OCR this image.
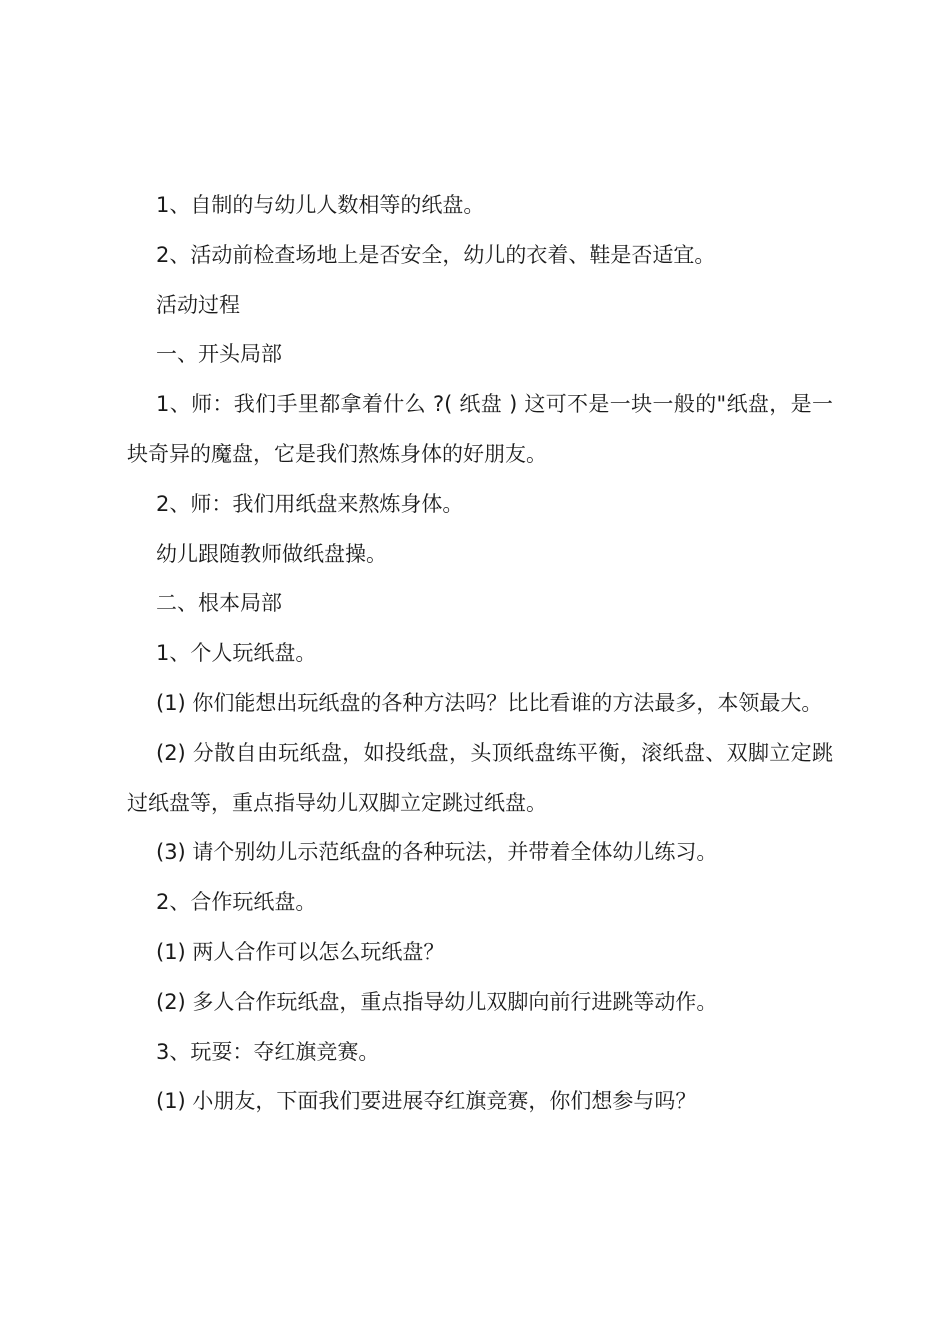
1、自制的与幼儿人数相等的纸盘。

2、活动前检查场地上是否安全，幼儿的衣着、鞋是否适宜。

活动过程

一、开头局部

1、师：我们手里都拿着什么 ?( 纸盘 ) 这可不是一块一般的"纸盘，是一块奇异的魔盘，它是我们熬炼身体的好朋友。

2、师：我们用纸盘来熬炼身体。

幼儿跟随教师做纸盘操。

二、根本局部

1、个人玩纸盘。

(1) 你们能想出玩纸盘的各种方法吗？比比看谁的方法最多，本领最大。

(2) 分散自由玩纸盘，如投纸盘，头顶纸盘练平衡，滚纸盘、双脚立定跳过纸盘等，重点指导幼儿双脚立定跳过纸盘。

(3) 请个别幼儿示范纸盘的各种玩法，并带着全体幼儿练习。

2、合作玩纸盘。

(1) 两人合作可以怎么玩纸盘？

(2) 多人合作玩纸盘，重点指导幼儿双脚向前行进跳等动作。

3、玩耍：夺红旗竞赛。

(1) 小朋友，下面我们要进展夺红旗竞赛，你们想参与吗？
